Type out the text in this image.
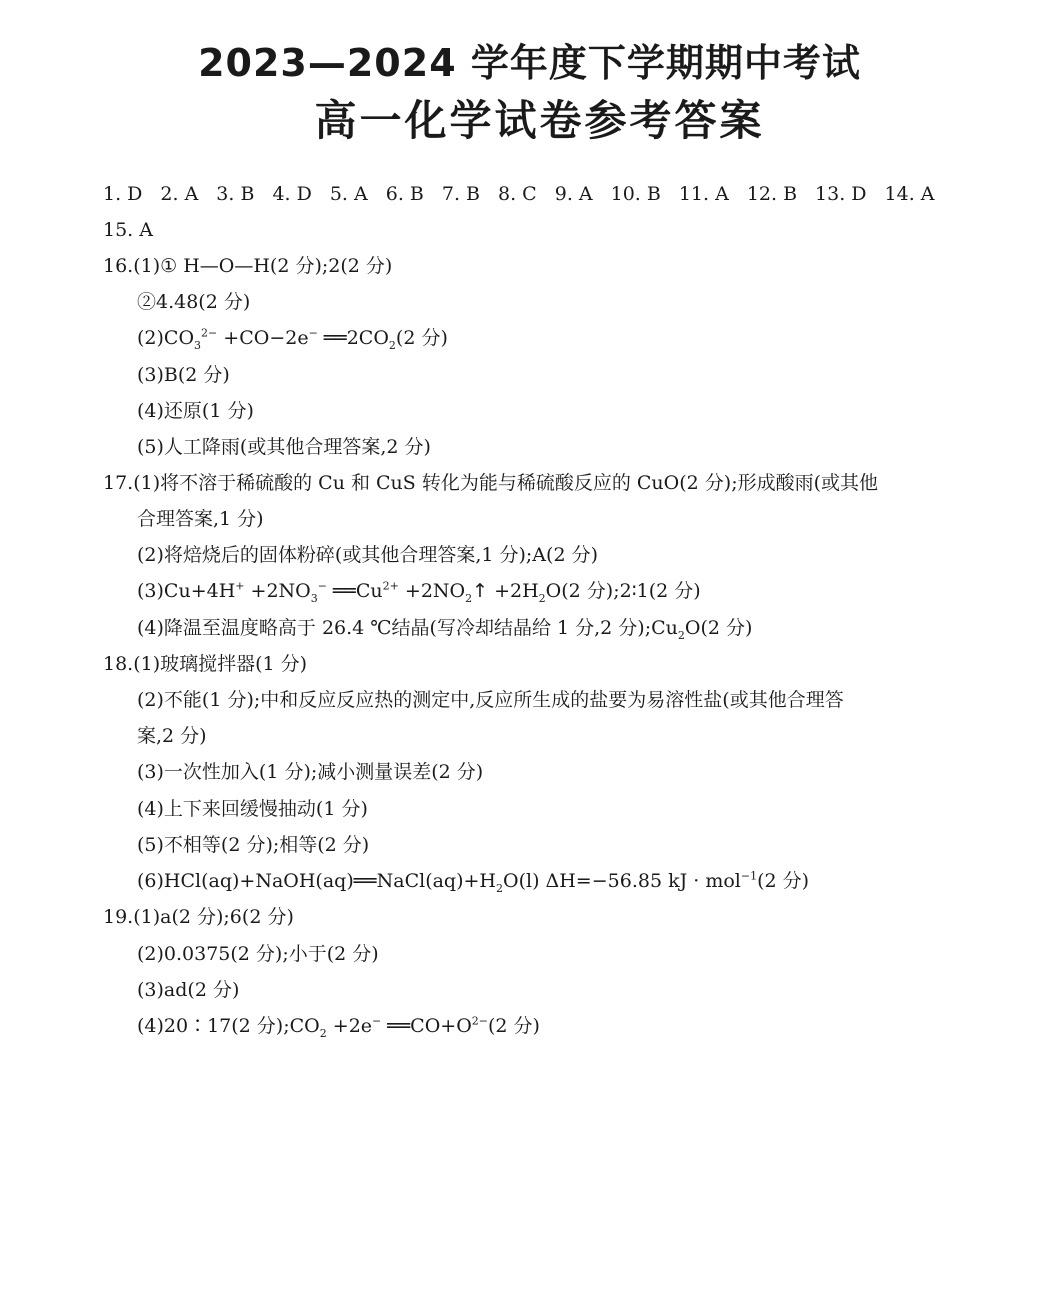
2023—2024 学年度下学期期中考试
高一化学试卷参考答案
1. D 2. A 3. B 4. D 5. A 6. B 7. B 8. C 9. A 10. B 11. A 12. B 13. D 14. A
15. A
16.(1)① H—O—H(2 分);2(2 分)
②4.48(2 分)
$(2)CO_3^{2-} +CO-2e^-$ $══2CO_2(2$ 分)
(3)B(2 分)
(4)还原(1 分)
(5)人工降雨(或其他合理答案,2 分)
17.(1)将不溶于稀硫酸的 Cu 和 CuS 转化为能与稀硫酸反应的 CuO(2 分);形成酸雨(或其他
合理答案,1 分)
(2)将焙烧后的固体粉碎(或其他合理答案,1 分);A(2 分)
$(3)Cu+4H^+ +2NO_3^-$ $══Cu^{2+}$ $+2NO_2↑ +2H_2O(2$ 分);2∶1(2 分)
(4)降温至温度略高于 26.4 ℃结晶(写冷却结晶给 1 分,2 分)$;Cu_2O(2$ 分)
18.(1)玻璃搅拌器(1 分)
(2)不能(1 分);中和反应反应热的测定中,反应所生成的盐要为易溶性盐(或其他合理答
案,2 分)
(3)一次性加入(1 分);减小测量误差(2 分)
(4)上下来回缓慢抽动(1 分)
(5)不相等(2 分);相等(2 分)
$(6)HCl(aq)+NaOH(aq)══NaCl(aq)+H_2O(l)$ ΔH=−56.85 kJ · mol$^{-1}$(2 分)
19.(1)a(2 分);6(2 分)
(2)0.0375(2 分);小于(2 分)
(3)ad(2 分)
(4)20∶17(2 分)$;CO_2 +2e^-$ $══CO+O^{2-}(2$ 分)
